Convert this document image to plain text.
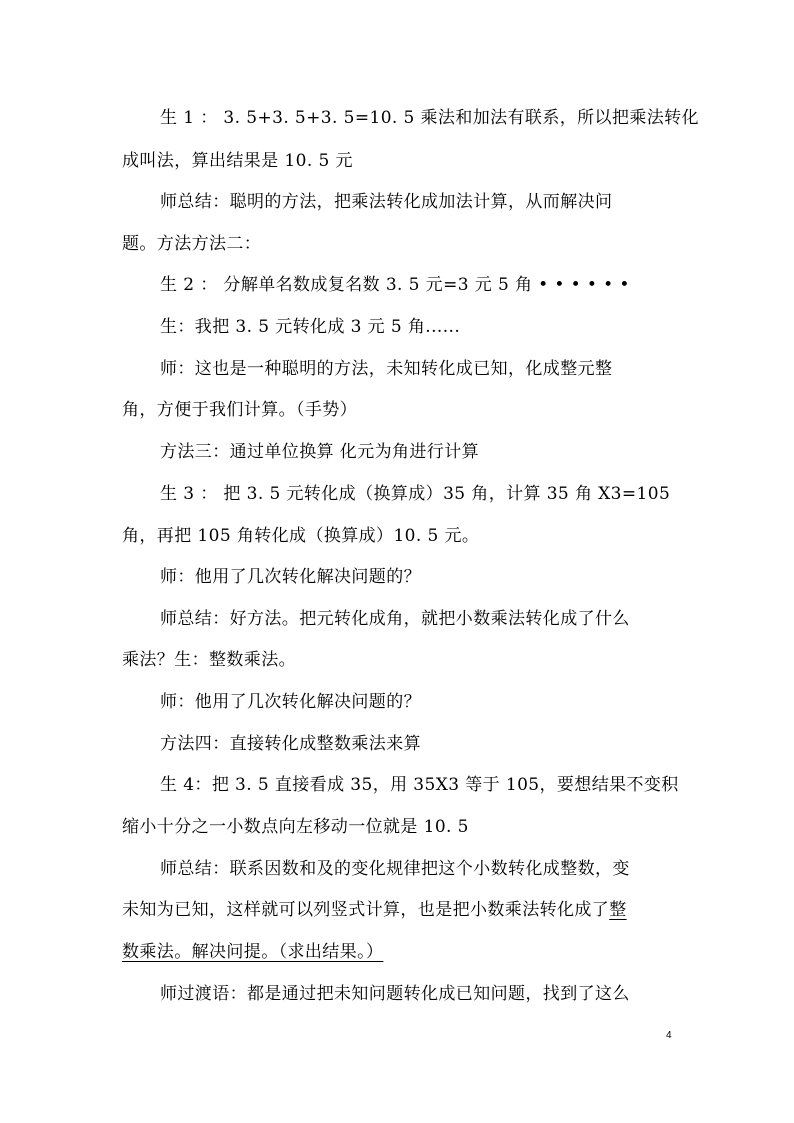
生 1 ： 3. 5+3. 5+3. 5=10. 5 乘法和加法有联系，所以把乘法转化
成叫法，算出结果是 10. 5 元
师总结：聪明的方法，把乘法转化成加法计算，从而解决问
题。方法方法二：
生 2 ： 分解单名数成复名数 3. 5 元=3 元 5 角 • • • • • •
生：我把 3. 5 元转化成 3 元 5 角......
师：这也是一种聪明的方法，未知转化成已知，化成整元整
角，方便于我们计算。（手势）
方法三：通过单位换算 化元为角进行计算
生 3 ： 把 3. 5 元转化成（换算成）35 角，计算 35 角 X3=105
角，再把 105 角转化成（换算成）10. 5 元。
师：他用了几次转化解决问题的？
师总结：好方法。把元转化成角，就把小数乘法转化成了什么
乘法？生：整数乘法。
师：他用了几次转化解决问题的？
方法四：直接转化成整数乘法来算
生 4：把 3. 5 直接看成 35，用 35X3 等于 105，要想结果不变积
缩小十分之一小数点向左移动一位就是 10. 5
师总结：联系因数和及的变化规律把这个小数转化成整数，变
未知为已知，这样就可以列竖式计算，也是把小数乘法转化成了整
数乘法。解决问提。（求出结果。）
师过渡语：都是通过把未知问题转化成已知问题，找到了这么
4
